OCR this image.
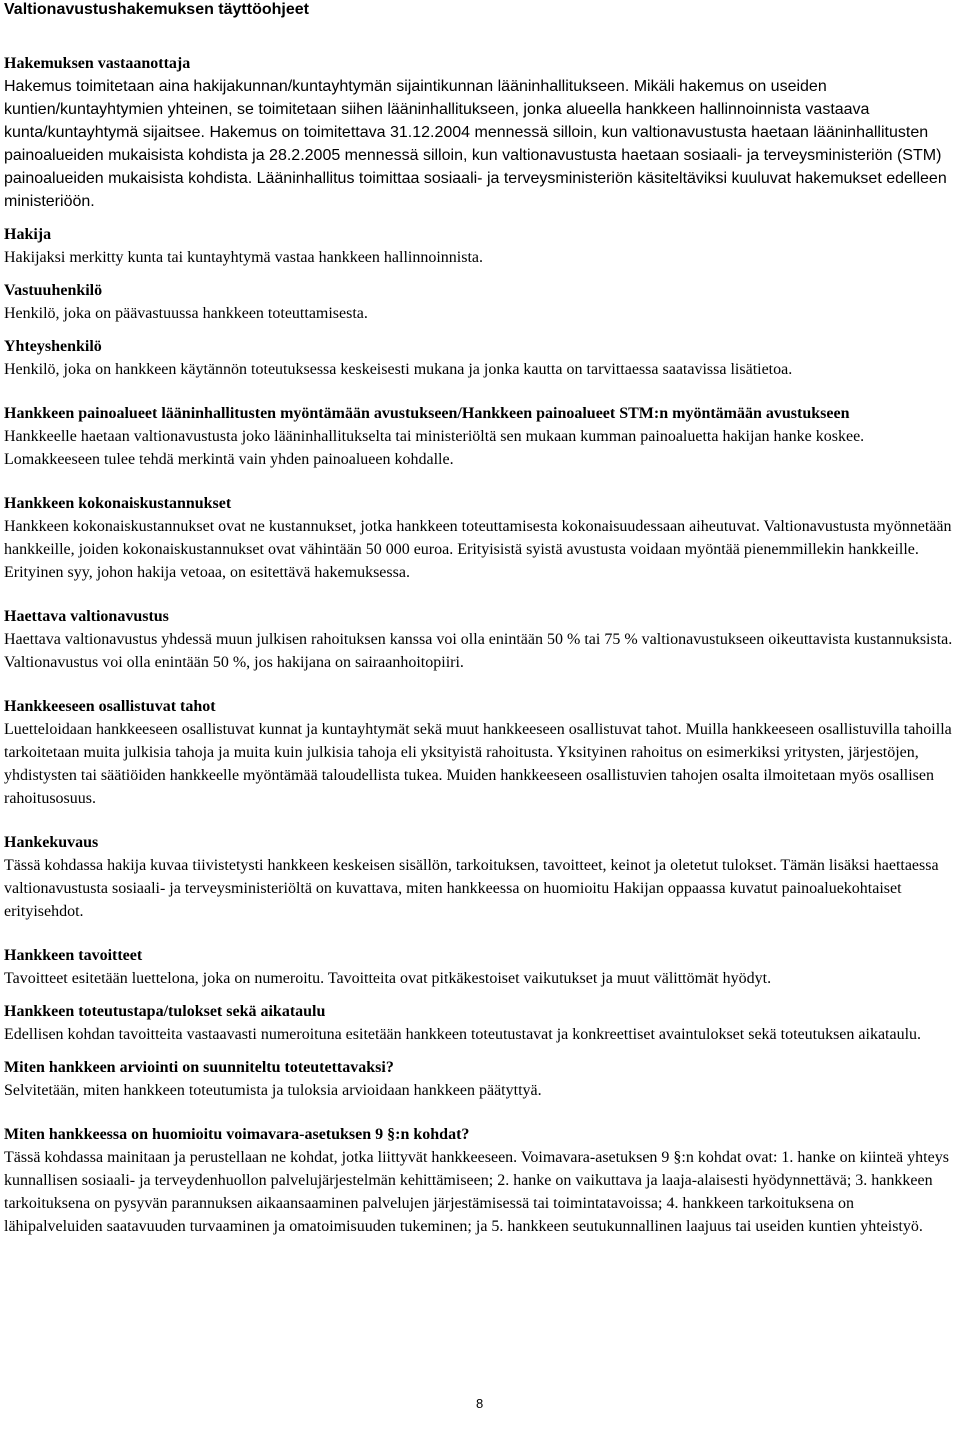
Valtionavustushakemuksen täyttöohjeet
Hakemuksen vastaanottaja

Hakemus toimitetaan aina hakijakunnan/kuntayhtymän sijaintikunnan lääninhallitukseen. Mikäli hakemus on useiden kuntien/kuntayhtymien yhteinen, se toimitetaan siihen lääninhallitukseen, jonka alueella hankkeen hallinnoinnista vastaava kunta/kuntayhtymä sijaitsee. Hakemus on toimitettava 31.12.2004 mennessä silloin, kun valtionavustusta haetaan lääninhallitusten painoalueiden mukaisista kohdista ja 28.2.2005 mennessä silloin, kun valtionavustusta haetaan sosiaali- ja terveysministeriön (STM) painoalueiden mukaisista kohdista. Lääninhallitus toimittaa sosiaali- ja terveysministeriön käsiteltäviksi kuuluvat hakemukset edelleen ministeriöön.

Hakija

Hakijaksi merkitty kunta tai kuntayhtymä vastaa hankkeen hallinnoinnista.

Vastuuhenkilö

Henkilö, joka on päävastuussa hankkeen toteuttamisesta.

Yhteyshenkilö

Henkilö, joka on hankkeen käytännön toteutuksessa keskeisesti mukana ja jonka kautta on tarvittaessa saatavissa lisätietoa.

Hankkeen painoalueet lääninhallitusten myöntämään avustukseen/Hankkeen painoalueet STM:n myöntämään avustukseen

Hankkeelle haetaan valtionavustusta joko lääninhallitukselta tai ministeriöltä sen mukaan kumman painoaluetta hakijan hanke koskee. Lomakkeeseen tulee tehdä merkintä vain yhden painoalueen kohdalle.

Hankkeen kokonaiskustannukset

Hankkeen kokonaiskustannukset ovat ne kustannukset, jotka hankkeen toteuttamisesta kokonaisuudessaan aiheutuvat. Valtionavustusta myönnetään hankkeille, joiden kokonaiskustannukset ovat vähintään 50 000 euroa. Erityisistä syistä avustusta voidaan myöntää pienemmillekin hankkeille. Erityinen syy, johon hakija vetoaa, on esitettävä hakemuksessa.

Haettava valtionavustus

Haettava valtionavustus yhdessä muun julkisen rahoituksen kanssa voi olla enintään 50 % tai 75 % valtionavustukseen oikeuttavista kustannuksista. Valtionavustus voi olla enintään 50 %, jos hakijana on sairaanhoitopiiri.

Hankkeeseen osallistuvat tahot

Luetteloidaan hankkeeseen osallistuvat kunnat ja kuntayhtymät sekä muut hankkeeseen osallistuvat tahot. Muilla hankkeeseen osallistuvilla tahoilla tarkoitetaan muita julkisia tahoja ja muita kuin julkisia tahoja eli yksityistä rahoitusta. Yksityinen rahoitus on esimerkiksi yritysten, järjestöjen, yhdistysten tai säätiöiden hankkeelle myöntämää taloudellista tukea. Muiden hankkeeseen osallistuvien tahojen osalta ilmoitetaan myös osallisen rahoitusosuus.

Hankekuvaus

Tässä kohdassa hakija kuvaa tiivistetysti hankkeen keskeisen sisällön, tarkoituksen, tavoitteet, keinot ja oletetut tulokset. Tämän lisäksi haettaessa valtionavustusta sosiaali- ja terveysministeriöltä on kuvattava, miten hankkeessa on huomioitu Hakijan oppaassa kuvatut painoaluekohtaiset erityisehdot.

Hankkeen tavoitteet

Tavoitteet esitetään luettelona, joka on numeroitu. Tavoitteita ovat pitkäkestoiset vaikutukset ja muut välittömät hyödyt.

Hankkeen toteutustapa/tulokset sekä aikataulu

Edellisen kohdan tavoitteita vastaavasti numeroituna esitetään hankkeen toteutustavat ja konkreettiset avaintulokset sekä toteutuksen aikataulu.

Miten hankkeen arviointi on suunniteltu toteutettavaksi?

Selvitetään, miten hankkeen toteutumista ja tuloksia arvioidaan hankkeen päätyttyä.

Miten hankkeessa on huomioitu voimavara-asetuksen 9 §:n kohdat?

Tässä kohdassa mainitaan ja perustellaan ne kohdat, jotka liittyvät hankkeeseen. Voimavara-asetuksen 9 §:n kohdat ovat: 1. hanke on kiinteä yhteys kunnallisen sosiaali- ja terveydenhuollon palvelujärjestelmän kehittämiseen; 2. hanke on vaikuttava ja laaja-alaisesti hyödynnettävä; 3. hankkeen tarkoituksena on pysyvän parannuksen aikaansaaminen palvelujen järjestämisessä tai toimintatavoissa; 4. hankkeen tarkoituksena on lähipalveluiden saatavuuden turvaaminen ja omatoimisuuden tukeminen; ja 5. hankkeen seutukunnallinen laajuus tai useiden kuntien yhteistyö.

8
